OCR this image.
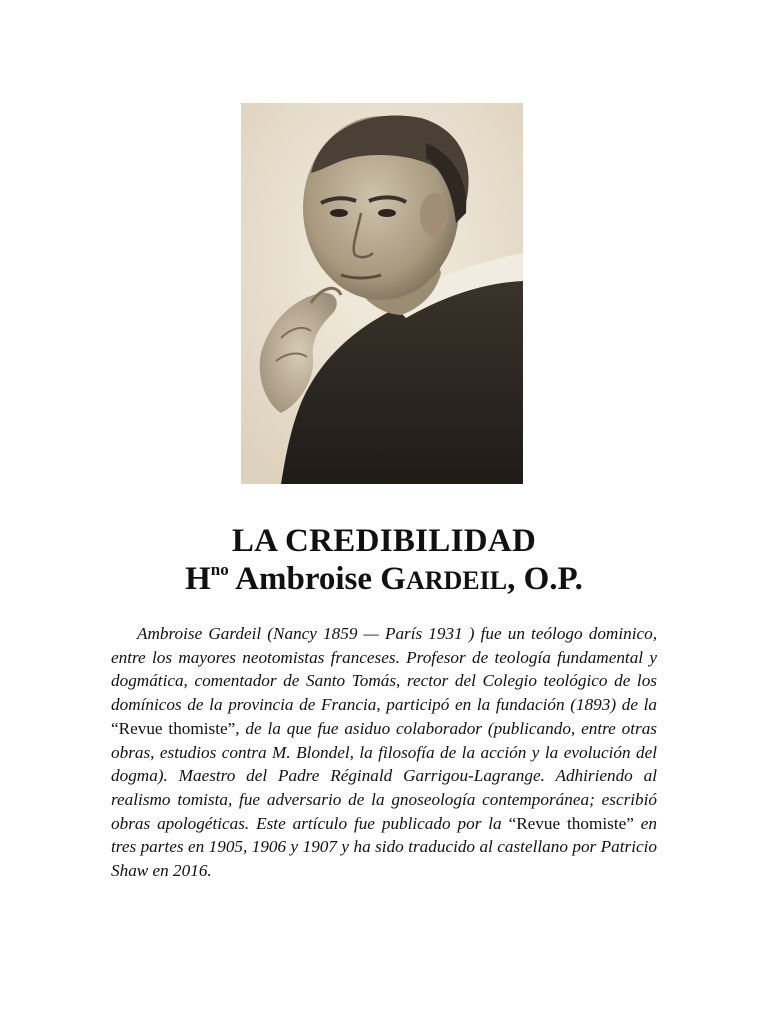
LA CREDIBILIDAD
$H^{no}$ Ambroise GARDEIL, O.P.

Ambroise Gardeil (Nancy 1859 — París 1931 ) fue un teólogo dominico, entre los mayores neotomistas franceses. Profesor de teología fundamental y dogmática, comentador de Santo Tomás, rector del Colegio teológico de los domínicos de la provincia de Francia, participó en la fundación (1893) de la “Revue thomiste”, de la que fue asiduo colaborador (publicando, entre otras obras, estudios contra M. Blondel, la filosofía de la acción y la evolución del dogma). Maestro del Padre Réginald Garrigou-Lagrange. Adhiriendo al realismo tomista, fue adversario de la gnoseología contemporánea; escribió obras apologéticas. Este artículo fue publicado por la “Revue thomiste” en tres partes en 1905, 1906 y 1907 y ha sido traducido al castellano por Patricio Shaw en 2016.
